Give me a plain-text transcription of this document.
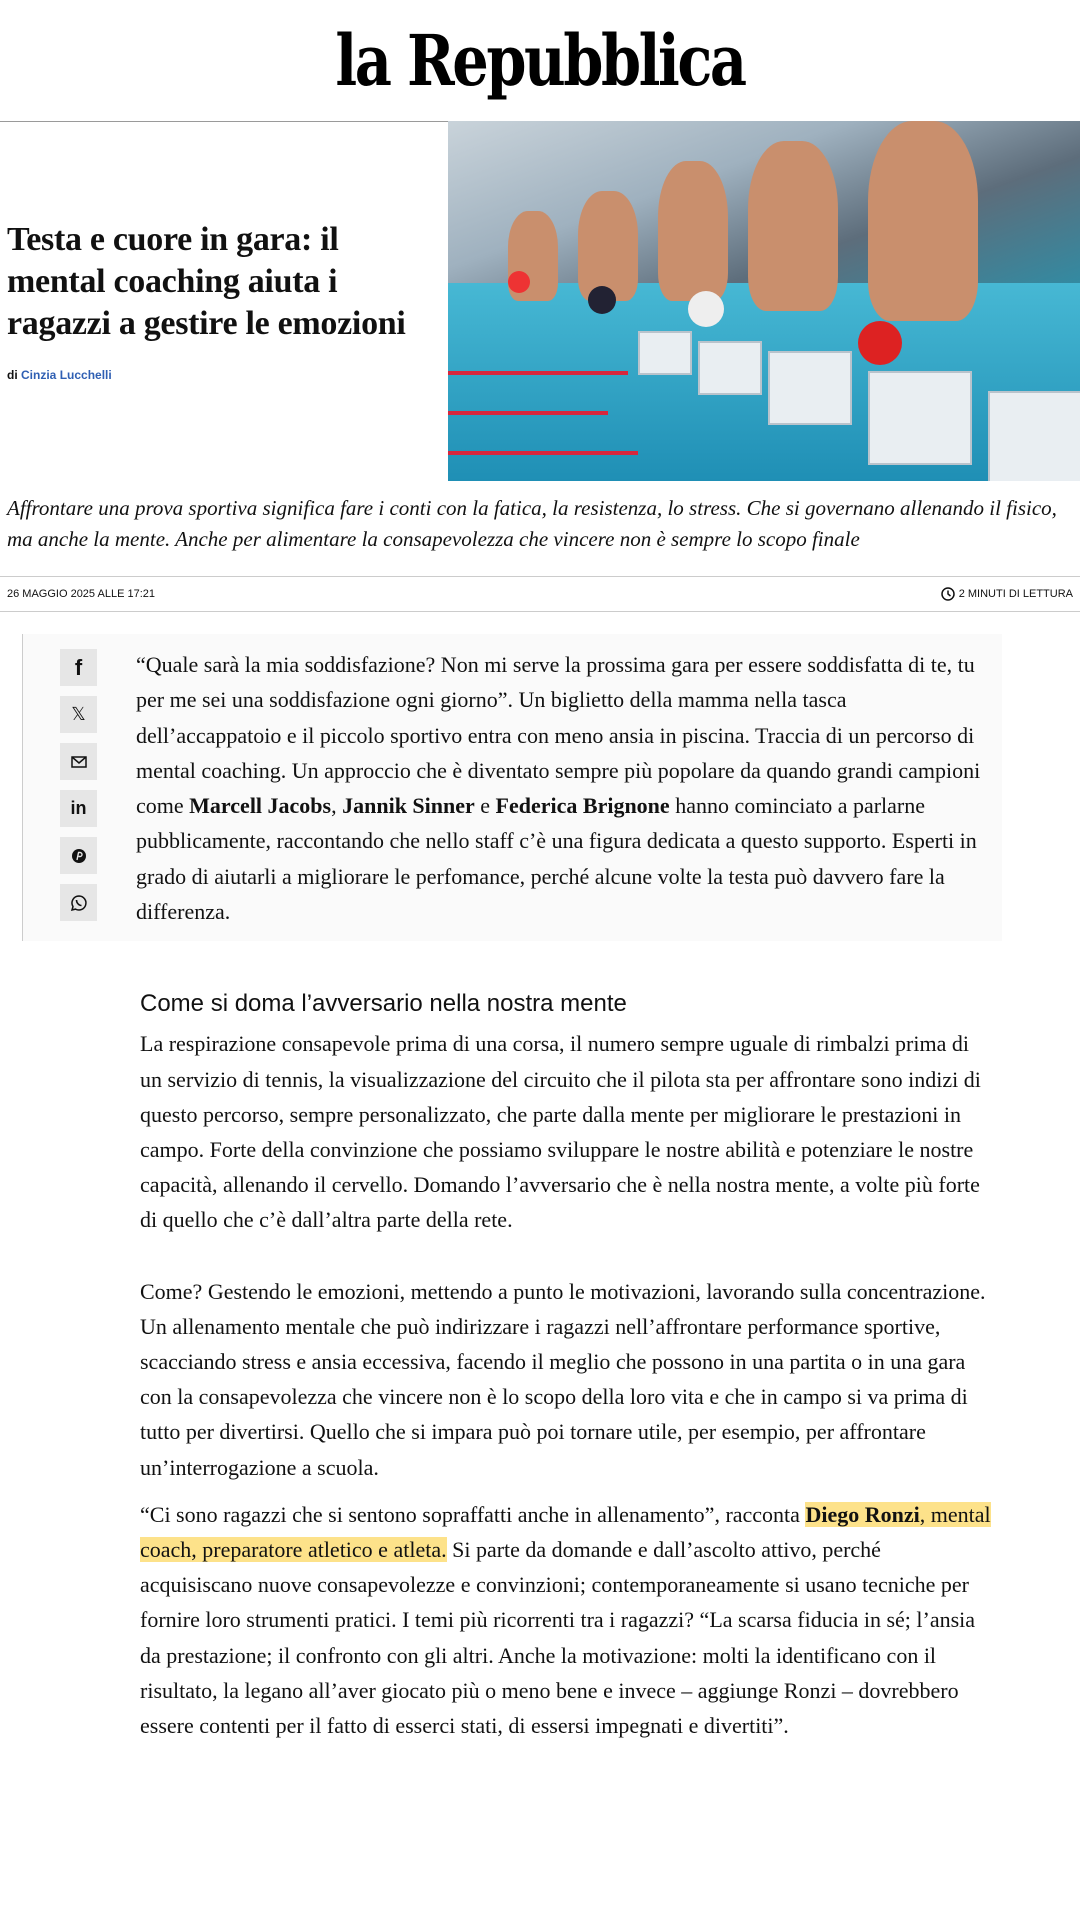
la Repubblica
Testa e cuore in gara: il mental coaching aiuta i ragazzi a gestire le emozioni
di Cinzia Lucchelli
Affrontare una prova sportiva significa fare i conti con la fatica, la resistenza, lo stress. Che si governano allenando il fisico, ma anche la mente. Anche per alimentare la consapevolezza che vincere non è sempre lo scopo finale
26 MAGGIO 2025 ALLE 17:21	2 MINUTI DI LETTURA
f
𝕏
in
“Quale sarà la mia soddisfazione? Non mi serve la prossima gara per essere soddisfatta di te, tu per me sei una soddisfazione ogni giorno”. Un biglietto della mamma nella tasca dell’accappatoio e il piccolo sportivo entra con meno ansia in piscina. Traccia di un percorso di mental coaching. Un approccio che è diventato sempre più popolare da quando grandi campioni come Marcell Jacobs, Jannik Sinner e Federica Brignone hanno cominciato a parlarne pubblicamente, raccontando che nello staff c’è una figura dedicata a questo supporto. Esperti in grado di aiutarli a migliorare le perfomance, perché alcune volte la testa può davvero fare la differenza.
Come si doma l’avversario nella nostra mente

La respirazione consapevole prima di una corsa, il numero sempre uguale di rimbalzi prima di un servizio di tennis, la visualizzazione del circuito che il pilota sta per affrontare sono indizi di questo percorso, sempre personalizzato, che parte dalla mente per migliorare le prestazioni in campo. Forte della convinzione che possiamo sviluppare le nostre abilità e potenziare le nostre capacità, allenando il cervello. Domando l’avversario che è nella nostra mente, a volte più forte di quello che c’è dall’altra parte della rete.

Come? Gestendo le emozioni, mettendo a punto le motivazioni, lavorando sulla concentrazione. Un allenamento mentale che può indirizzare i ragazzi nell’affrontare performance sportive, scacciando stress e ansia eccessiva, facendo il meglio che possono in una partita o in una gara con la consapevolezza che vincere non è lo scopo della loro vita e che in campo si va prima di tutto per divertirsi. Quello che si impara può poi tornare utile, per esempio, per affrontare un’interrogazione a scuola.

“Ci sono ragazzi che si sentono sopraffatti anche in allenamento”, racconta Diego Ronzi, mental coach, preparatore atletico e atleta. Si parte da domande e dall’ascolto attivo, perché acquisiscano nuove consapevolezze e convinzioni; contemporaneamente si usano tecniche per fornire loro strumenti pratici. I temi più ricorrenti tra i ragazzi? “La scarsa fiducia in sé; l’ansia da prestazione; il confronto con gli altri. Anche la motivazione: molti la identificano con il risultato, la legano all’aver giocato più o meno bene e invece – aggiunge Ronzi – dovrebbero essere contenti per il fatto di esserci stati, di essersi impegnati e divertiti”.
